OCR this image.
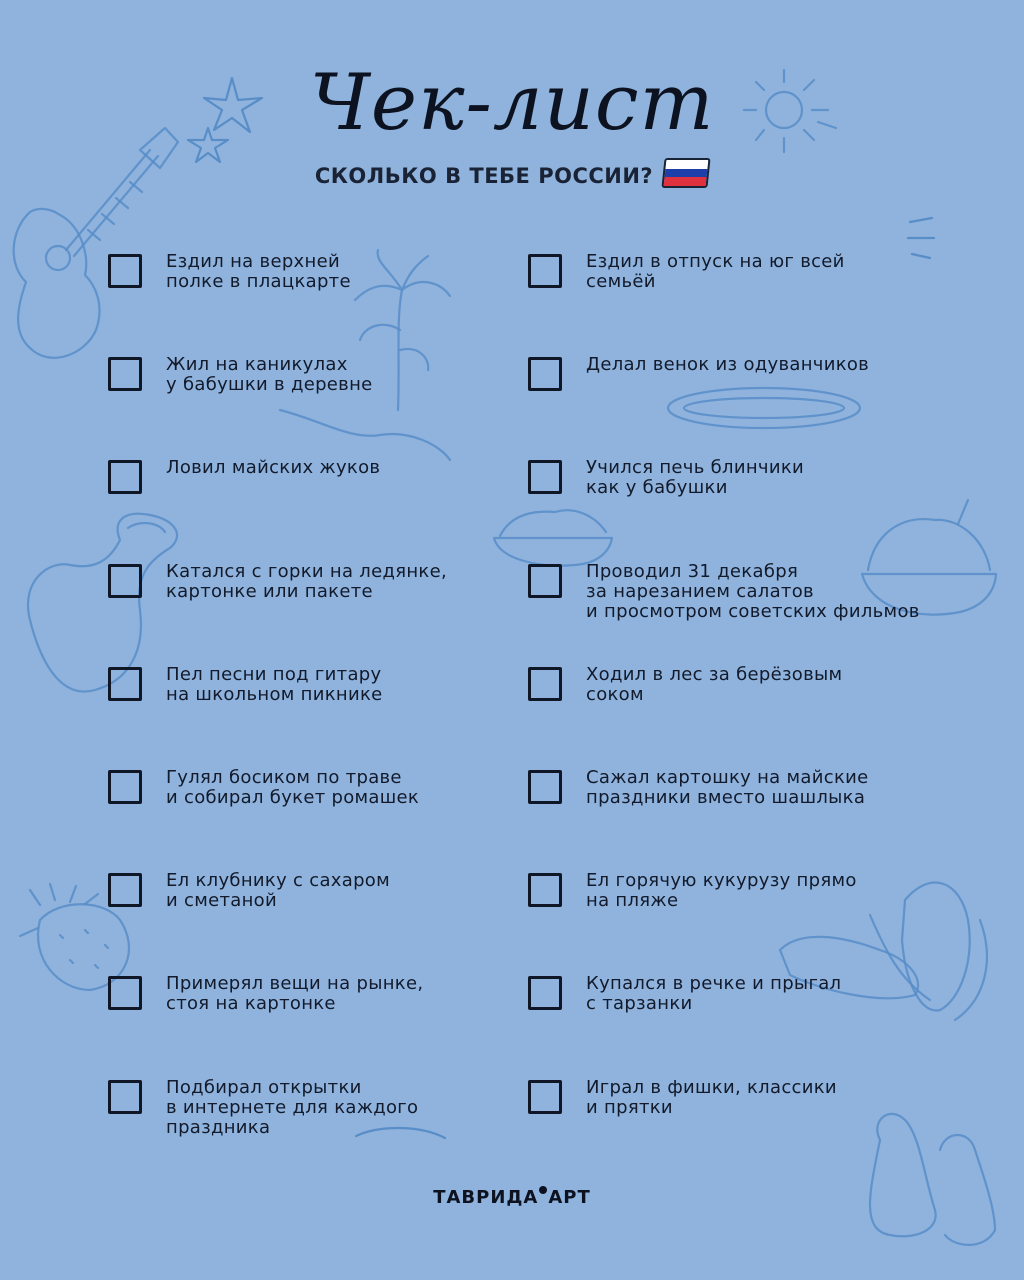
Чек-лист
СКОЛЬКО В ТЕБЕ РОССИИ?
Ездил на верхней
полке в плацкарте
Жил на каникулах
у бабушки в деревне
Ловил майских жуков
Катался с горки на ледянке,
картонке или пакете
Пел песни под гитару
на школьном пикнике
Гулял босиком по траве
и собирал букет ромашек
Ел клубнику с сахаром
и сметаной
Примерял вещи на рынке,
стоя на картонке
Подбирал открытки
в интернете для каждого
праздника
Ездил в отпуск на юг всей
семьёй
Делал венок из одуванчиков
Учился печь блинчики
как у бабушки
Проводил 31 декабря
за нарезанием салатов
и просмотром советских фильмов
Ходил в лес за берёзовым
соком
Сажал картошку на майские
праздники вместо шашлыка
Ел горячую кукурузу прямо
на пляже
Купался в речке и прыгал
с тарзанки
Играл в фишки, классики
и прятки
ТАВРИДА АРТ
